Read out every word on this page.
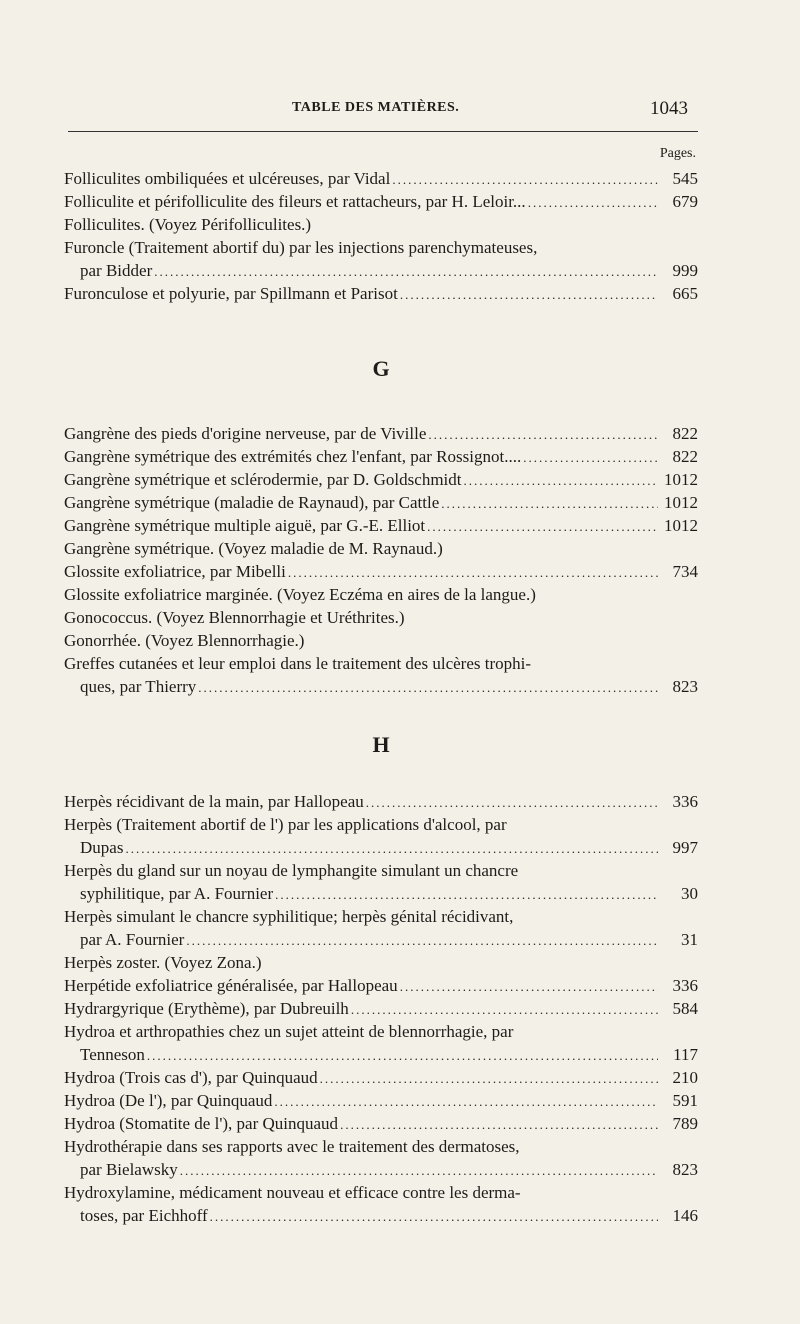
TABLE DES MATIÈRES.	1043
Pages.
Folliculites ombiliquées et ulcéreuses, par Vidal .....	545
Folliculite et périfolliculite des fileurs et rattacheurs, par H. Leloir... .....	679
Folliculites. (Voyez Périfolliculites.)
Furoncle (Traitement abortif du) par les injections parenchymateuses,
par Bidder .....	999
Furonculose et polyurie, par Spillmann et Parisot .....	665
G
Gangrène des pieds d'origine nerveuse, par de Viville .....	822
Gangrène symétrique des extrémités chez l'enfant, par Rossignot.... .....	822
Gangrène symétrique et sclérodermie, par D. Goldschmidt .....	1012
Gangrène symétrique (maladie de Raynaud), par Cattle .....	1012
Gangrène symétrique multiple aiguë, par G.-E. Elliot .....	1012
Gangrène symétrique. (Voyez maladie de M. Raynaud.)
Glossite exfoliatrice, par Mibelli .....	734
Glossite exfoliatrice marginée. (Voyez Eczéma en aires de la langue.)
Gonococcus. (Voyez Blennorrhagie et Uréthrites.)
Gonorrhée. (Voyez Blennorrhagie.)
Greffes cutanées et leur emploi dans le traitement des ulcères trophi-
ques, par Thierry .....	823
H
Herpès récidivant de la main, par Hallopeau .....	336
Herpès (Traitement abortif de l') par les applications d'alcool, par
Dupas .....	997
Herpès du gland sur un noyau de lymphangite simulant un chancre
syphilitique, par A. Fournier .....	30
Herpès simulant le chancre syphilitique; herpès génital récidivant,
par A. Fournier .....	31
Herpès zoster. (Voyez Zona.)
Herpétide exfoliatrice généralisée, par Hallopeau .....	336
Hydrargyrique (Erythème), par Dubreuilh .....	584
Hydroa et arthropathies chez un sujet atteint de blennorrhagie, par
Tenneson .....	117
Hydroa (Trois cas d'), par Quinquaud .....	210
Hydroa (De l'), par Quinquaud .....	591
Hydroa (Stomatite de l'), par Quinquaud .....	789
Hydrothérapie dans ses rapports avec le traitement des dermatoses,
par Bielawsky .....	823
Hydroxylamine, médicament nouveau et efficace contre les derma-
toses, par Eichhoff .....	146
